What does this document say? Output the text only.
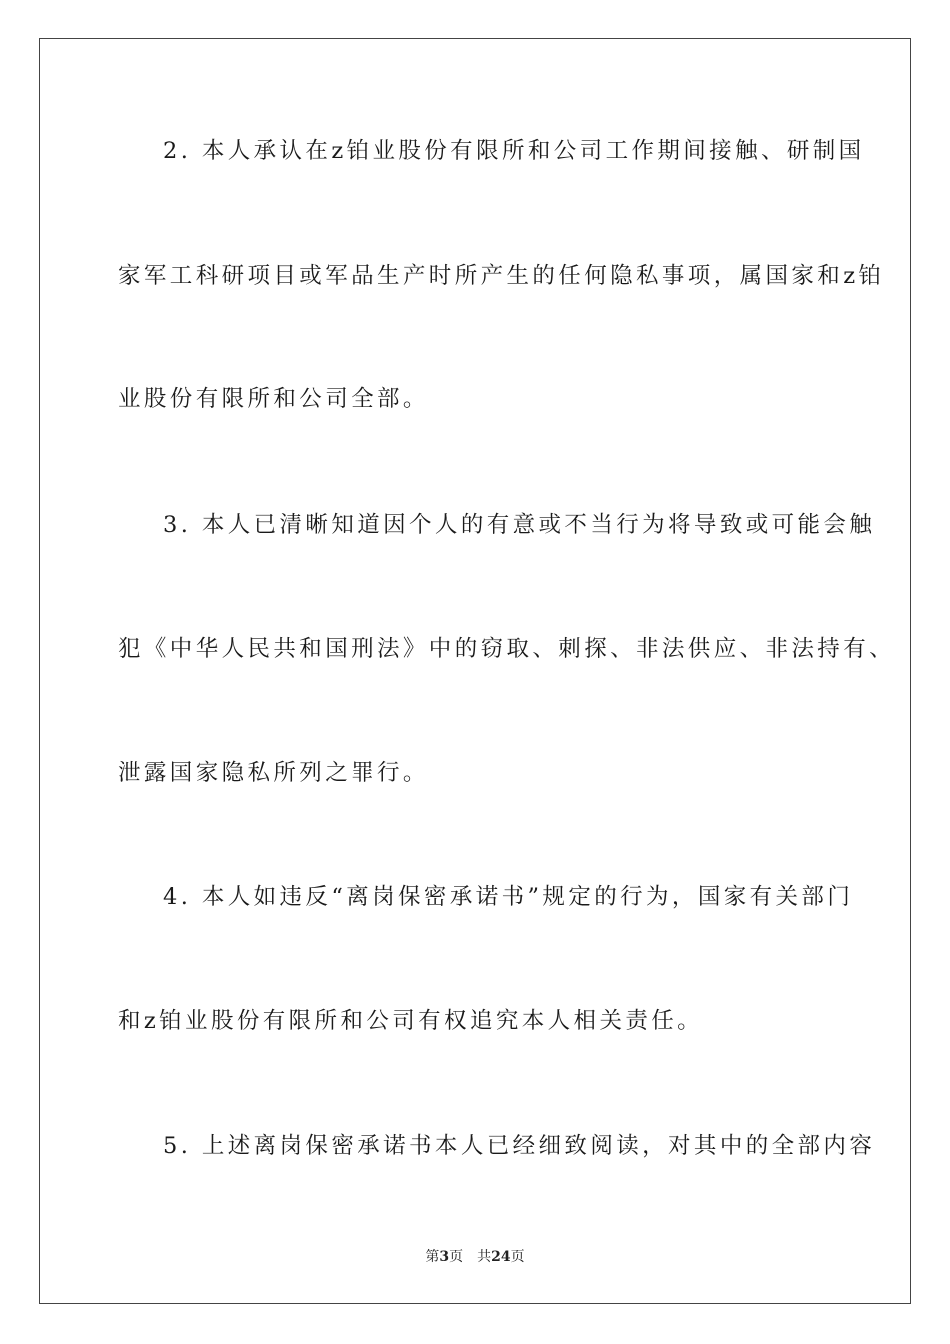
2. 本人承认在z铂业股份有限所和公司工作期间接触、研制国
家军工科研项目或军品生产时所产生的任何隐私事项，属国家和z铂
业股份有限所和公司全部。
3. 本人已清晰知道因个人的有意或不当行为将导致或可能会触
犯《中华人民共和国刑法》中的窃取、刺探、非法供应、非法持有、
泄露国家隐私所列之罪行。
4. 本人如违反“离岗保密承诺书”规定的行为，国家有关部门
和z铂业股份有限所和公司有权追究本人相关责任。
5. 上述离岗保密承诺书本人已经细致阅读，对其中的全部内容
第3页 共24页
